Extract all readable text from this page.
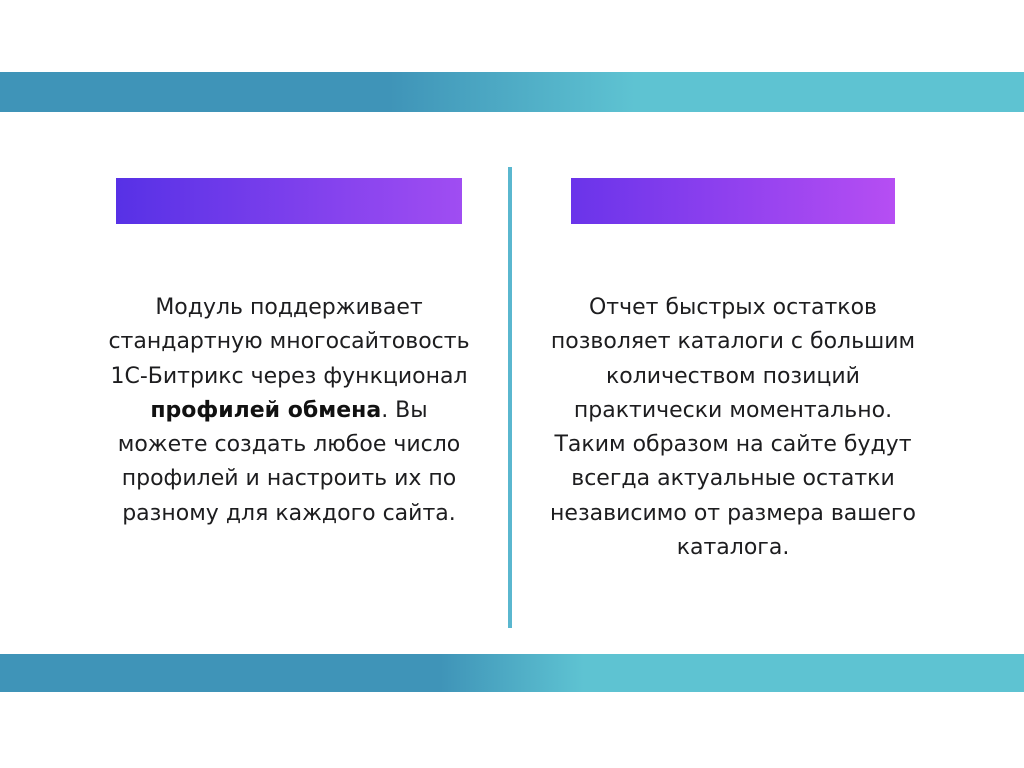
Модуль поддерживает стандартную многосайтовость 1С-Битрикс через функционал профилей обмена. Вы можете создать любое число профилей и настроить их по разному для каждого сайта.
Отчет быстрых остатков позволяет каталоги с большим количеством позиций практически моментально. Таким образом на сайте будут всегда актуальные остатки независимо от размера вашего каталога.
